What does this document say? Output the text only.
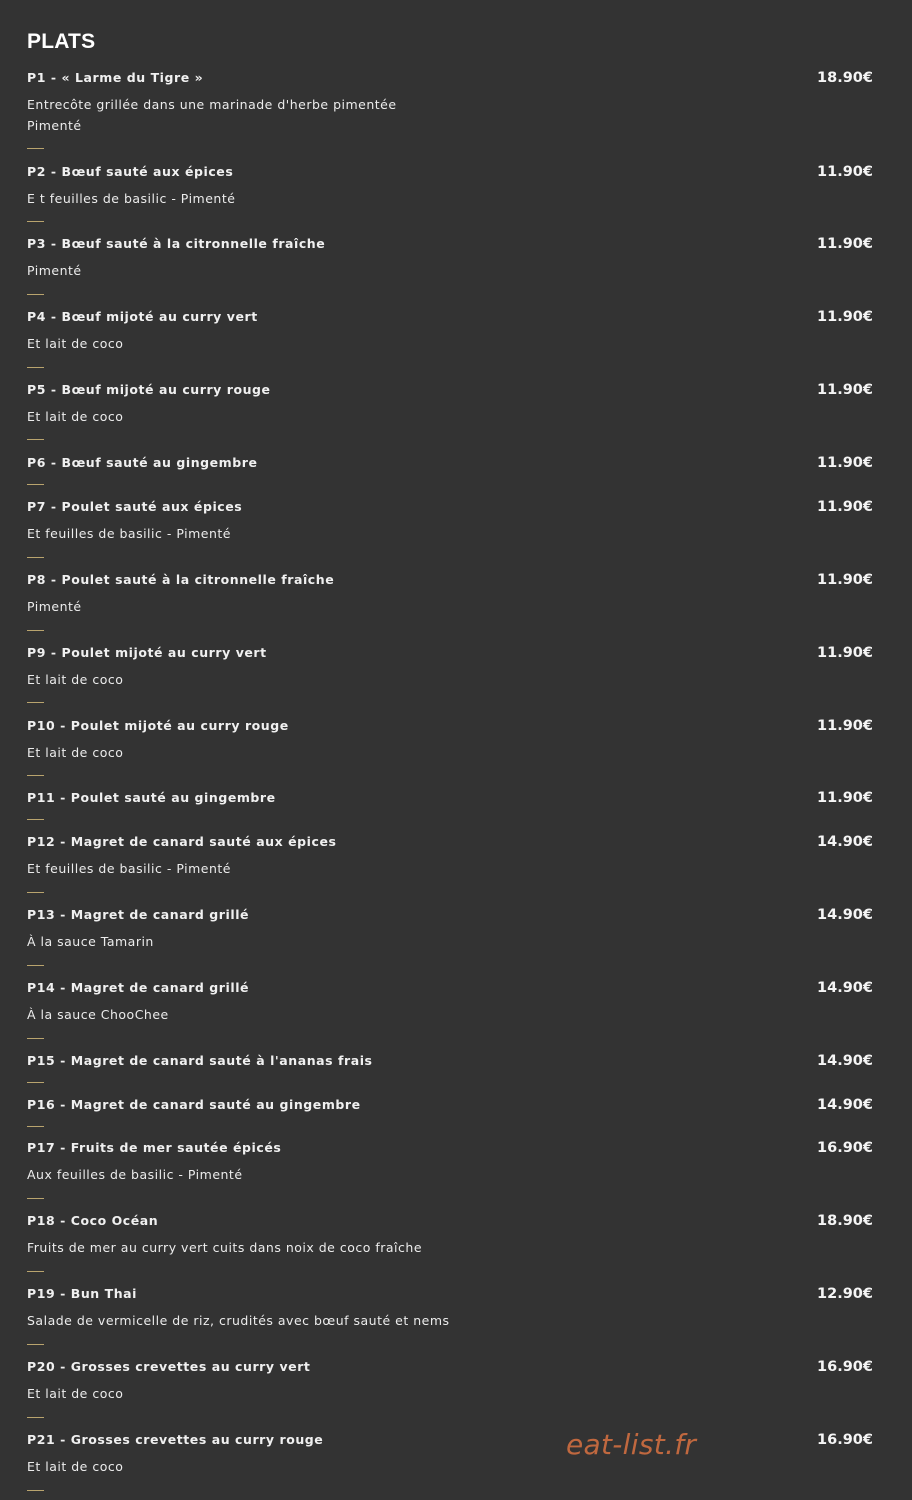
PLATS
P1 - « Larme du Tigre »	18.90€
Entrecôte grillée dans une marinade d'herbe pimentée
Pimenté
P2 - Bœuf sauté aux épices	11.90€
E t feuilles de basilic - Pimenté
P3 - Bœuf sauté à la citronnelle fraîche	11.90€
Pimenté
P4 - Bœuf mijoté au curry vert	11.90€
Et lait de coco
P5 - Bœuf mijoté au curry rouge	11.90€
Et lait de coco
P6 - Bœuf sauté au gingembre	11.90€
P7 - Poulet sauté aux épices	11.90€
Et feuilles de basilic - Pimenté
P8 - Poulet sauté à la citronnelle fraîche	11.90€
Pimenté
P9 - Poulet mijoté au curry vert	11.90€
Et lait de coco
P10 - Poulet mijoté au curry rouge	11.90€
Et lait de coco
P11 - Poulet sauté au gingembre	11.90€
P12 - Magret de canard sauté aux épices	14.90€
Et feuilles de basilic - Pimenté
P13 - Magret de canard grillé	14.90€
À la sauce Tamarin
P14 - Magret de canard grillé	14.90€
À la sauce ChooChee
P15 - Magret de canard sauté à l'ananas frais	14.90€
P16 - Magret de canard sauté au gingembre	14.90€
P17 - Fruits de mer sautée épicés	16.90€
Aux feuilles de basilic - Pimenté
P18 - Coco Océan	18.90€
Fruits de mer au curry vert cuits dans noix de coco fraîche
P19 - Bun Thai	12.90€
Salade de vermicelle de riz, crudités avec bœuf sauté et nems
P20 - Grosses crevettes au curry vert	16.90€
Et lait de coco
P21 - Grosses crevettes au curry rouge	16.90€
Et lait de coco
eat-list.fr
